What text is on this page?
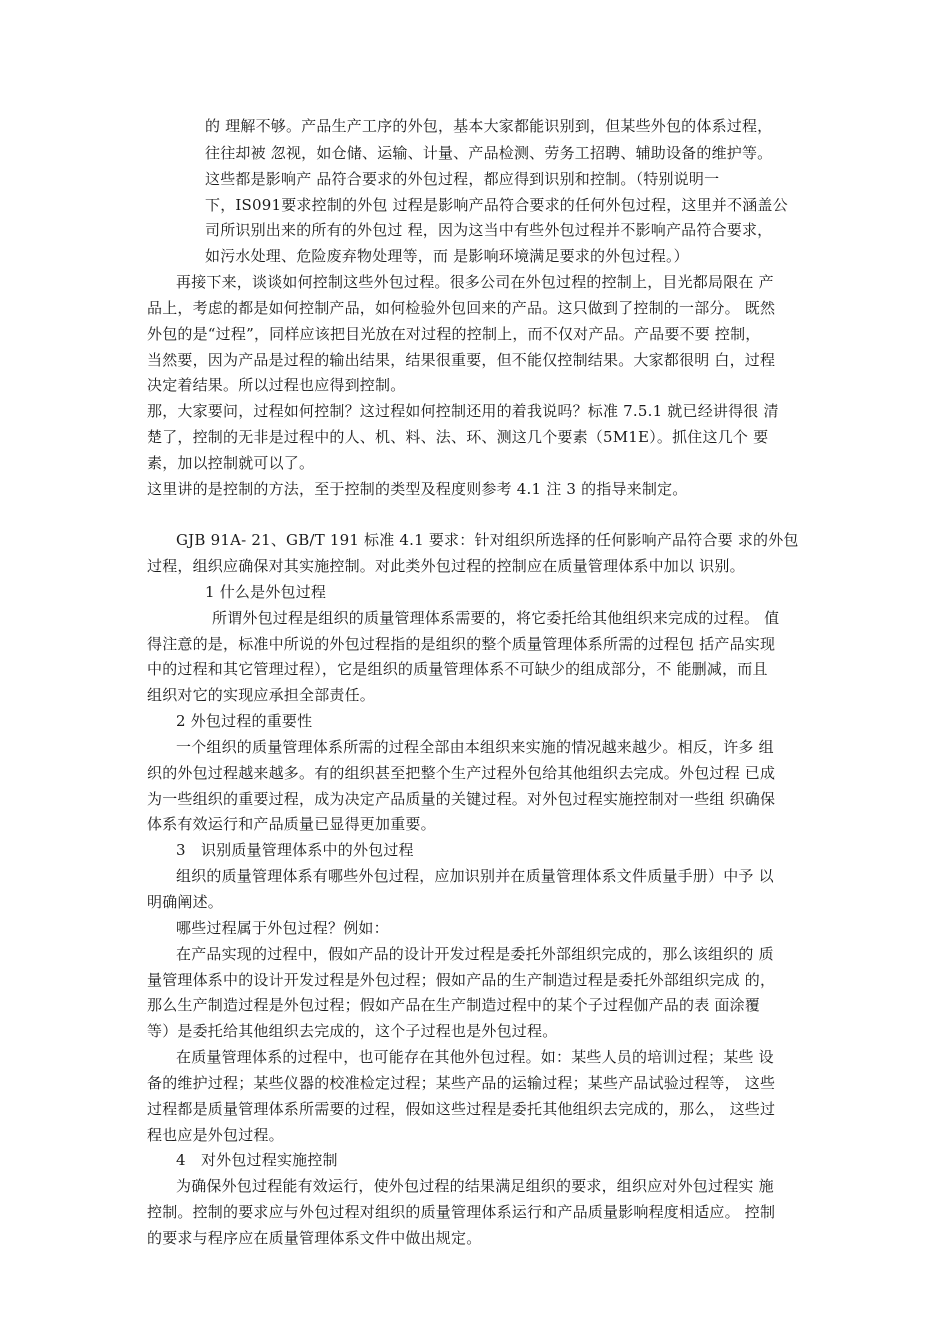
的 理解不够。产品生产工序的外包，基本大家都能识别到，但某些外包的体系过程，
往往却被 忽视，如仓储、运输、计量、产品检测、劳务工招聘、辅助设备的维护等。
这些都是影响产 品符合要求的外包过程，都应得到识别和控制。（特别说明一
下，IS091要求控制的外包 过程是影响产品符合要求的任何外包过程，这里并不涵盖公
司所识别出来的所有的外包过 程，因为这当中有些外包过程并不影响产品符合要求，
如污水处理、危险废弃物处理等，而 是影响环境满足要求的外包过程。）
再接下来，谈谈如何控制这些外包过程。很多公司在外包过程的控制上，目光都局限在 产
品上，考虑的都是如何控制产品，如何检验外包回来的产品。这只做到了控制的一部分。 既然
外包的是“过程”，同样应该把目光放在对过程的控制上，而不仅对产品。产品要不要 控制，
当然要，因为产品是过程的输出结果，结果很重要，但不能仅控制结果。大家都很明 白，过程
决定着结果。所以过程也应得到控制。
那，大家要问，过程如何控制？这过程如何控制还用的着我说吗？标准 7.5.1 就已经讲得很 清
楚了，控制的无非是过程中的人、机、料、法、环、测这几个要素（5M1E）。抓住这几个 要
素，加以控制就可以了。
这里讲的是控制的方法，至于控制的类型及程度则参考 4.1 注 3 的指导来制定。
GJB 91A- 21、GB/T 191 标准 4.1 要求：针对组织所选择的任何影响产品符合要 求的外包
过程，组织应确保对其实施控制。对此类外包过程的控制应在质量管理体系中加以 识别。
1 什么是外包过程
所谓外包过程是组织的质量管理体系需要的，将它委托给其他组织来完成的过程。 值
得注意的是，标准中所说的外包过程指的是组织的整个质量管理体系所需的过程包 括产品实现
中的过程和其它管理过程），它是组织的质量管理体系不可缺少的组成部分，不 能删减，而且
组织对它的实现应承担全部责任。
2 外包过程的重要性
一个组织的质量管理体系所需的过程全部由本组织来实施的情况越来越少。相反，许多 组
织的外包过程越来越多。有的组织甚至把整个生产过程外包给其他组织去完成。外包过程 已成
为一些组织的重要过程，成为决定产品质量的关键过程。对外包过程实施控制对一些组 织确保
体系有效运行和产品质量已显得更加重要。
3　识别质量管理体系中的外包过程
组织的质量管理体系有哪些外包过程，应加识别并在质量管理体系文件质量手册）中予 以
明确阐述。
哪些过程属于外包过程？例如：
在产品实现的过程中，假如产品的设计开发过程是委托外部组织完成的，那么该组织的 质
量管理体系中的设计开发过程是外包过程；假如产品的生产制造过程是委托外部组织完成 的，
那么生产制造过程是外包过程；假如产品在生产制造过程中的某个子过程伽产品的表 面涂覆
等）是委托给其他组织去完成的，这个子过程也是外包过程。
在质量管理体系的过程中，也可能存在其他外包过程。如：某些人员的培训过程；某些 设
备的维护过程；某些仪器的校准检定过程；某些产品的运输过程；某些产品试验过程等， 这些
过程都是质量管理体系所需要的过程，假如这些过程是委托其他组织去完成的，那么， 这些过
程也应是外包过程。
4　对外包过程实施控制
为确保外包过程能有效运行，使外包过程的结果满足组织的要求，组织应对外包过程实 施
控制。控制的要求应与外包过程对组织的质量管理体系运行和产品质量影响程度相适应。 控制
的要求与程序应在质量管理体系文件中做出规定。
